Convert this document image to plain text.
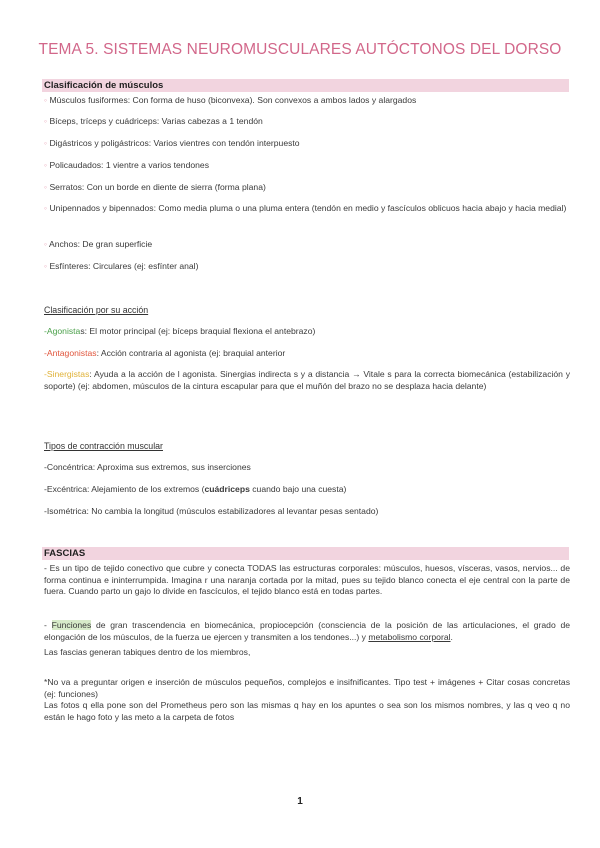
TEMA 5. SISTEMAS NEUROMUSCULARES AUTÓCTONOS DEL DORSO
Clasificación de músculos
◦ Músculos fusiformes: Con forma de huso (biconvexa). Son convexos a ambos lados y alargados
◦ Bíceps, tríceps y cuádriceps: Varias cabezas a 1 tendón
◦ Digástricos y poligástricos: Varios vientres con tendón interpuesto
◦ Policaudados: 1 vientre a varios tendones
◦ Serratos: Con un borde en diente de sierra (forma plana)
◦ Unipennados y bipennados: Como media pluma o una pluma entera (tendón en medio y fascículos oblicuos hacia abajo y hacia medial)
◦ Anchos: De gran superficie
◦ Esfínteres: Circulares (ej: esfínter anal)
Clasificación por su acción
-Agonistas: El motor principal (ej: bíceps braquial flexiona el antebrazo)
-Antagonistas: Acción contraria al agonista (ej: braquial anterior
-Sinergistas: Ayuda a la acción de l agonista. Sinergias indirecta s y a distancia → Vitale s para la correcta biomecánica (estabilización y soporte) (ej: abdomen, músculos de la cintura escapular para que el muñón del brazo no se desplaza hacia delante)
Tipos de contracción muscular
-Concéntrica: Aproxima sus extremos, sus inserciones
-Excéntrica: Alejamiento de los extremos (cuádriceps cuando bajo una cuesta)
-Isométrica: No cambia la longitud (músculos estabilizadores al levantar pesas sentado)
FASCIAS
- Es un tipo de tejido conectivo que cubre y conecta TODAS las estructuras corporales: músculos, huesos, vísceras, vasos, nervios... de forma continua e ininterrumpida. Imagina r una naranja cortada por la mitad, pues su tejido blanco conecta el eje central con la parte de fuera. Cuando parto un gajo lo divide en fascículos, el tejido blanco está en todas partes.
- Funciones de gran trascendencia en biomecánica, propiocepción (consciencia de la posición de las articulaciones, el grado de elongación de los músculos, de la fuerza ue ejercen y transmiten a los tendones...) y metabolismo corporal.
Las fascias generan tabiques dentro de los miembros,
*No va a preguntar origen e inserción de músculos pequeños, complejos e insifnificantes. Tipo test + imágenes + Citar cosas concretas (ej: funciones)
Las fotos q ella pone son del Prometheus pero son las mismas q hay en los apuntes o sea son los mismos nombres, y las q veo q no están le hago foto y las meto a la carpeta de fotos
1
